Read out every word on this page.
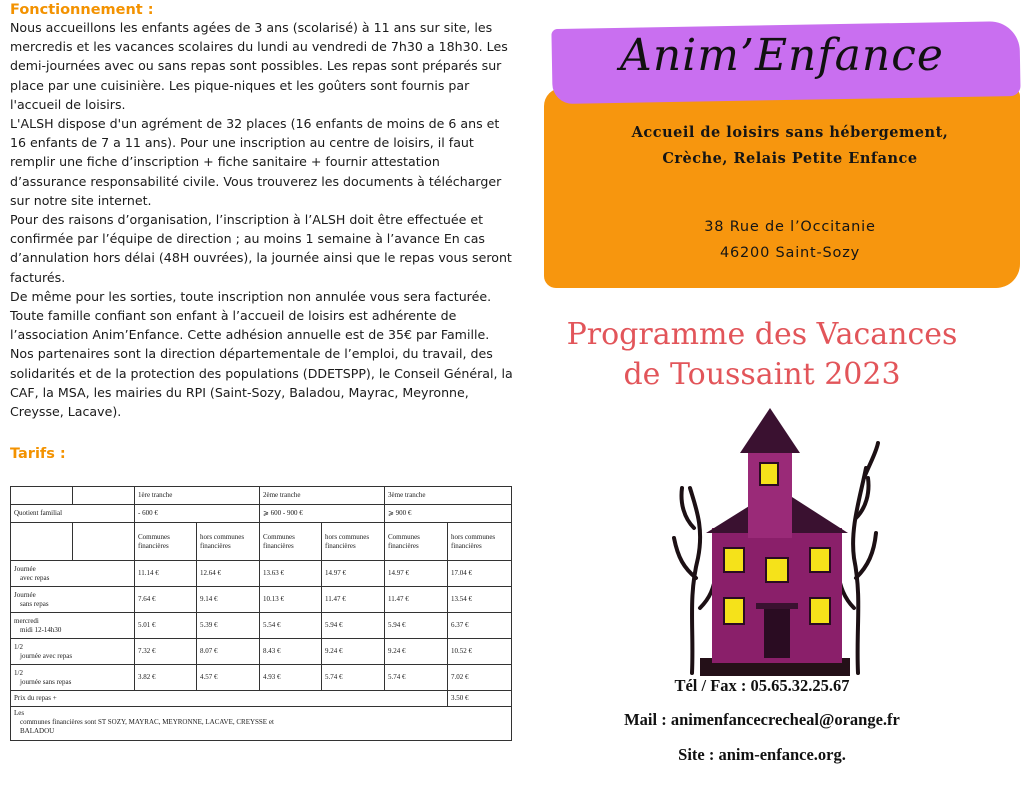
Fonctionnement :

Nous accueillons les enfants agées de 3 ans (scolarisé) à 11 ans sur site, les mercredis et les vacances scolaires du lundi au vendredi de 7h30 a 18h30. Les demi-journées avec ou sans repas sont possibles. Les repas sont préparés sur place par une cuisinière. Les pique-niques et les goûters sont fournis par l'accueil de loisirs.

L'ALSH dispose d'un agrément de 32 places (16 enfants de moins de 6 ans et 16 enfants de 7 a 11 ans). Pour une inscription au centre de loisirs, il faut remplir une fiche d’inscription + fiche sanitaire + fournir attestation d’assurance responsabilité civile. Vous trouverez les documents à télécharger sur notre site internet.

Pour des raisons d’organisation, l’inscription à l’ALSH doit être effectuée et confirmée par l’équipe de direction ; au moins 1 semaine à l’avance En cas d’annulation hors délai (48H ouvrées), la journée ainsi que le repas vous seront facturés.

De même pour les sorties, toute inscription non annulée vous sera facturée.

Toute famille confiant son enfant à l’accueil de loisirs est adhérente de l’association Anim’Enfance. Cette adhésion annuelle est de 35€ par Famille.

Nos partenaires sont la direction départementale de l’emploi, du travail, des solidarités et de la protection des populations (DDETSPP), le Conseil Général, la CAF, la MSA, les mairies du RPI (Saint-Sozy, Baladou, Mayrac, Meyronne, Creysse, Lacave).

Tarifs :
		1ère tranche		2ème tranche		3ème tranche	
Quotient familial		- 600 €		⩾ 600 - 900 €		⩾ 900 €	
		Communes financières	hors communes financières	Communes financières	hors communes financières	Communes financières	hors communes financières

Journée
avec repas		11.14 €	12.64 €	13.63 €	14.97 €	14.97 €	17.04 €

Journée
sans repas		7.64 €	9.14 €	10.13 €	11.47 €	11.47 €	13.54 €

mercredi
midi 12-14h30		5.01 €	5.39 €	5.54 €	5.94 €	5.94 €	6.37 €

1/2
journée avec repas		7.32 €	8.07 €	8.43 €	9.24 €	9.24 €	10.52 €

1/2
journée sans repas		3.82 €	4.57 €	4.93 €	5.74 €	5.74 €	7.02 €
Prix du repas +							3.50 €

Les
communes financières sont ST SOZY, MAYRAC, MEYRONNE, LACAVE, CREYSSE et BALADOU							
Anim’Enfance
Accueil de loisirs sans hébergement, Crèche, Relais Petite Enfance
38 Rue de l’Occitanie
46200 Saint-Sozy
Programme des Vacances
de Toussaint 2023
Tél / Fax : 05.65.32.25.67
Mail : animenfancecrecheal@orange.fr
Site : anim-enfance.org.
